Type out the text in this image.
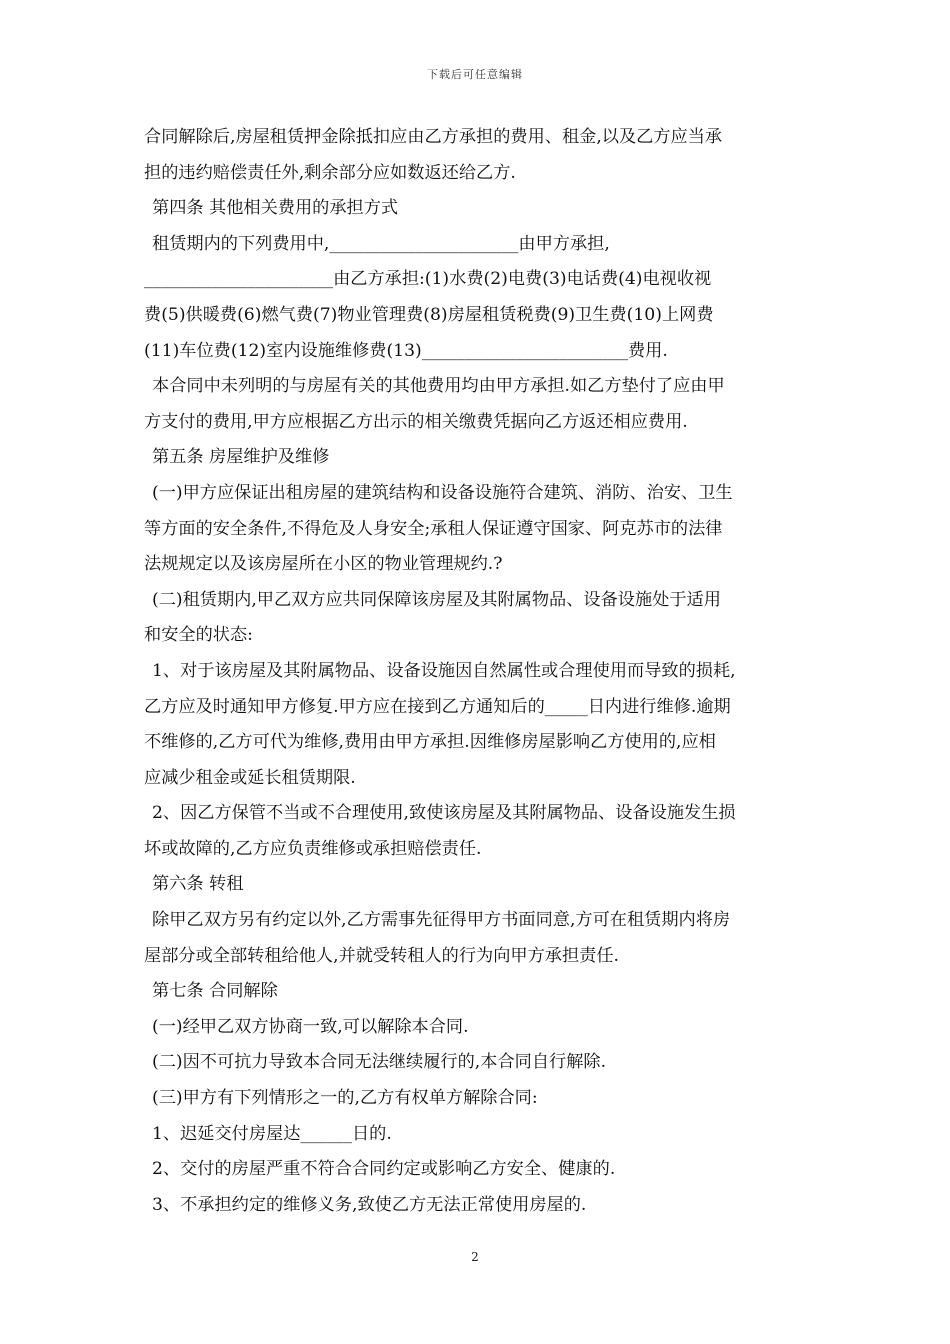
下载后可任意编辑
合同解除后,房屋租赁押金除抵扣应由乙方承担的费用、租金,以及乙方应当承
担的违约赔偿责任外,剩余部分应如数返还给乙方.
第四条 其他相关费用的承担方式
租赁期内的下列费用中,______________________由甲方承担,
______________________由乙方承担:(1)水费(2)电费(3)电话费(4)电视收视
费(5)供暖费(6)燃气费(7)物业管理费(8)房屋租赁税费(9)卫生费(10)上网费
(11)车位费(12)室内设施维修费(13)________________________费用.
本合同中未列明的与房屋有关的其他费用均由甲方承担.如乙方垫付了应由甲
方支付的费用,甲方应根据乙方出示的相关缴费凭据向乙方返还相应费用.
第五条 房屋维护及维修
(一)甲方应保证出租房屋的建筑结构和设备设施符合建筑、消防、治安、卫生
等方面的安全条件,不得危及人身安全;承租人保证遵守国家、阿克苏市的法律
法规规定以及该房屋所在小区的物业管理规约.?
(二)租赁期内,甲乙双方应共同保障该房屋及其附属物品、设备设施处于适用
和安全的状态:
1、对于该房屋及其附属物品、设备设施因自然属性或合理使用而导致的损耗,
乙方应及时通知甲方修复.甲方应在接到乙方通知后的_____日内进行维修.逾期
不维修的,乙方可代为维修,费用由甲方承担.因维修房屋影响乙方使用的,应相
应减少租金或延长租赁期限.
2、因乙方保管不当或不合理使用,致使该房屋及其附属物品、设备设施发生损
坏或故障的,乙方应负责维修或承担赔偿责任.
第六条 转租
除甲乙双方另有约定以外,乙方需事先征得甲方书面同意,方可在租赁期内将房
屋部分或全部转租给他人,并就受转租人的行为向甲方承担责任.
第七条 合同解除
(一)经甲乙双方协商一致,可以解除本合同.
(二)因不可抗力导致本合同无法继续履行的,本合同自行解除.
(三)甲方有下列情形之一的,乙方有权单方解除合同:
1、迟延交付房屋达______日的.
2、交付的房屋严重不符合合同约定或影响乙方安全、健康的.
3、不承担约定的维修义务,致使乙方无法正常使用房屋的.
2
